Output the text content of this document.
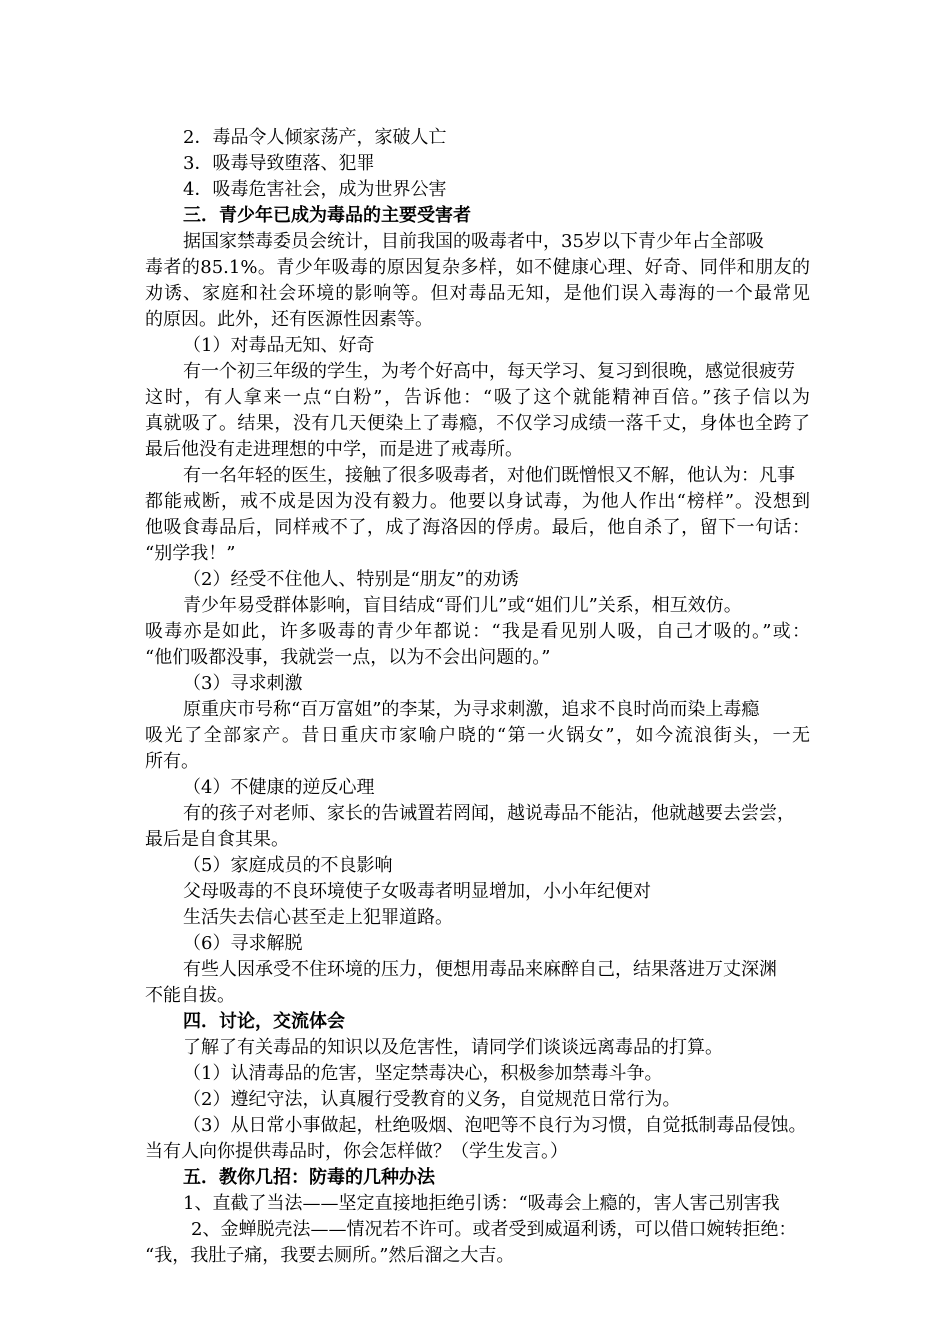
2．毒品令人倾家荡产，家破人亡
3．吸毒导致堕落、犯罪
4．吸毒危害社会，成为世界公害
三．青少年已成为毒品的主要受害者
据国家禁毒委员会统计，目前我国的吸毒者中，35岁以下青少年占全部吸
毒者的85.1%。青少年吸毒的原因复杂多样，如不健康心理、好奇、同伴和朋友的
劝诱、家庭和社会环境的影响等。但对毒品无知，是他们误入毒海的一个最常见
的原因。此外，还有医源性因素等。
（1）对毒品无知、好奇
有一个初三年级的学生，为考个好高中，每天学习、复习到很晚，感觉很疲劳
这时，有人拿来一点“白粉”，告诉他：“吸了这个就能精神百倍。”孩子信以为
真就吸了。结果，没有几天便染上了毒瘾，不仅学习成绩一落千丈，身体也全跨了
最后他没有走进理想的中学，而是进了戒毒所。
有一名年轻的医生，接触了很多吸毒者，对他们既憎恨又不解，他认为：凡事
都能戒断，戒不成是因为没有毅力。他要以身试毒，为他人作出“榜样”。没想到
他吸食毒品后，同样戒不了，成了海洛因的俘虏。最后，他自杀了，留下一句话：
“别学我！”
（2）经受不住他人、特别是“朋友”的劝诱
青少年易受群体影响，盲目结成“哥们儿”或“姐们儿”关系，相互效仿。
吸毒亦是如此，许多吸毒的青少年都说：“我是看见别人吸，自己才吸的。”或：
“他们吸都没事，我就尝一点，以为不会出问题的。”
（3）寻求刺激
原重庆市号称“百万富姐”的李某，为寻求刺激，追求不良时尚而染上毒瘾
吸光了全部家产。昔日重庆市家喻户晓的“第一火锅女”，如今流浪街头，一无
所有。
（4）不健康的逆反心理
有的孩子对老师、家长的告诫置若罔闻，越说毒品不能沾，他就越要去尝尝，
最后是自食其果。
（5）家庭成员的不良影响
父母吸毒的不良环境使子女吸毒者明显增加，小小年纪便对
生活失去信心甚至走上犯罪道路。
（6）寻求解脱
有些人因承受不住环境的压力，便想用毒品来麻醉自己，结果落进万丈深渊
不能自拔。
四．讨论，交流体会
了解了有关毒品的知识以及危害性，请同学们谈谈远离毒品的打算。
（1）认清毒品的危害，坚定禁毒决心，积极参加禁毒斗争。
（2）遵纪守法，认真履行受教育的义务，自觉规范日常行为。
（3）从日常小事做起，杜绝吸烟、泡吧等不良行为习惯，自觉抵制毒品侵蚀。
当有人向你提供毒品时，你会怎样做？（学生发言。）
五．教你几招：防毒的几种办法
1、直截了当法——坚定直接地拒绝引诱：“吸毒会上瘾的，害人害己别害我
2、金蝉脱壳法——情况若不许可。或者受到威逼利诱，可以借口婉转拒绝：
“我，我肚子痛，我要去厕所。”然后溜之大吉。
